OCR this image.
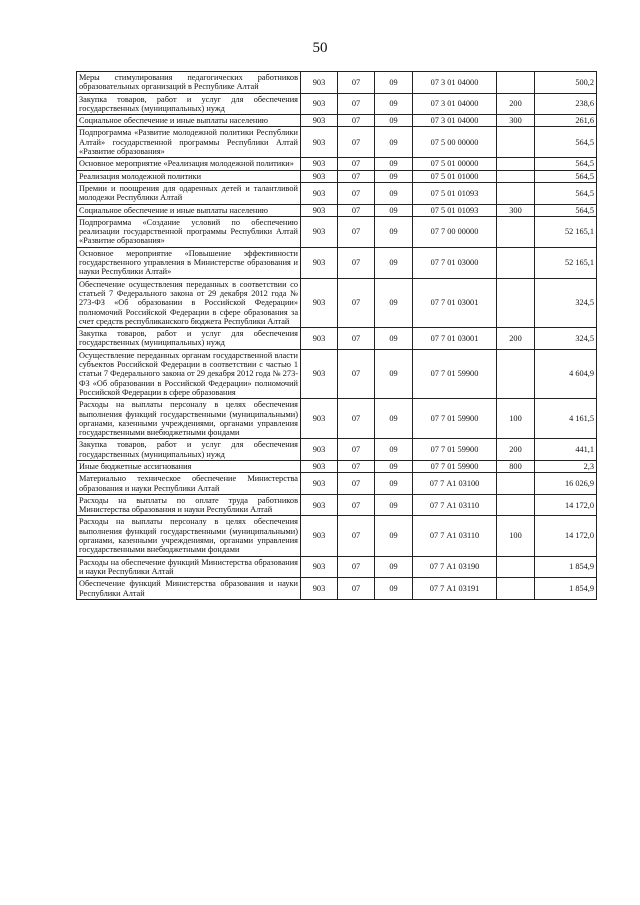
50
Меры стимулирования педагогических работников образовательных организаций в Республике Алтай	903	07	09	07 3 01 04000		500,2
Закупка товаров, работ и услуг для обеспечения государственных (муниципальных) нужд	903	07	09	07 3 01 04000	200	238,6
Социальное обеспечение и иные выплаты населению	903	07	09	07 3 01 04000	300	261,6
Подпрограмма «Развитие молодежной политики Республики Алтай» государственной программы Республики Алтай «Развитие образования»	903	07	09	07 5 00 00000		564,5
Основное мероприятие «Реализация молодежной политики»	903	07	09	07 5 01 00000		564,5
Реализация молодежной политики	903	07	09	07 5 01 01000		564,5
Премии и поощрения для одаренных детей и талантливой молодежи Республики Алтай	903	07	09	07 5 01 01093		564,5
Социальное обеспечение и иные выплаты населению	903	07	09	07 5 01 01093	300	564,5
Подпрограмма «Создание условий по обеспечению реализации государственной программы Республики Алтай «Развитие образования»	903	07	09	07 7 00 00000		52 165,1
Основное мероприятие «Повышение эффективности государственного управления в Министерстве образования и науки Республики Алтай»	903	07	09	07 7 01 03000		52 165,1
Обеспечение осуществления переданных в соответствии со статьей 7 Федерального закона от 29 декабря 2012 года № 273-ФЗ «Об образовании в Российской Федерации» полномочий Российской Федерации в сфере образования за счет средств республиканского бюджета Республики Алтай	903	07	09	07 7 01 03001		324,5
Закупка товаров, работ и услуг для обеспечения государственных (муниципальных) нужд	903	07	09	07 7 01 03001	200	324,5
Осуществление переданных органам государственной власти субъектов Российской Федерации в соответствии с частью 1 статьи 7 Федерального закона от 29 декабря 2012 года № 273-ФЗ «Об образовании в Российской Федерации» полномочий Российской Федерации в сфере образования	903	07	09	07 7 01 59900		4 604,9
Расходы на выплаты персоналу в целях обеспечения выполнения функций государственными (муниципальными) органами, казенными учреждениями, органами управления государственными внебюджетными фондами	903	07	09	07 7 01 59900	100	4 161,5
Закупка товаров, работ и услуг для обеспечения государственных (муниципальных) нужд	903	07	09	07 7 01 59900	200	441,1
Иные бюджетные ассигнования	903	07	09	07 7 01 59900	800	2,3
Материально техническое обеспечение Министерства образования и науки Республики Алтай	903	07	09	07 7 А1 03100		16 026,9
Расходы на выплаты по оплате труда работников Министерства образования и науки Республики Алтай	903	07	09	07 7 А1 03110		14 172,0
Расходы на выплаты персоналу в целях обеспечения выполнения функций государственными (муниципальными) органами, казенными учреждениями, органами управления государственными внебюджетными фондами	903	07	09	07 7 А1 03110	100	14 172,0
Расходы на обеспечение функций Министерства образования и науки Республики Алтай	903	07	09	07 7 А1 03190		1 854,9
Обеспечение функций Министерства образования и науки Республики Алтай	903	07	09	07 7 А1 03191		1 854,9
